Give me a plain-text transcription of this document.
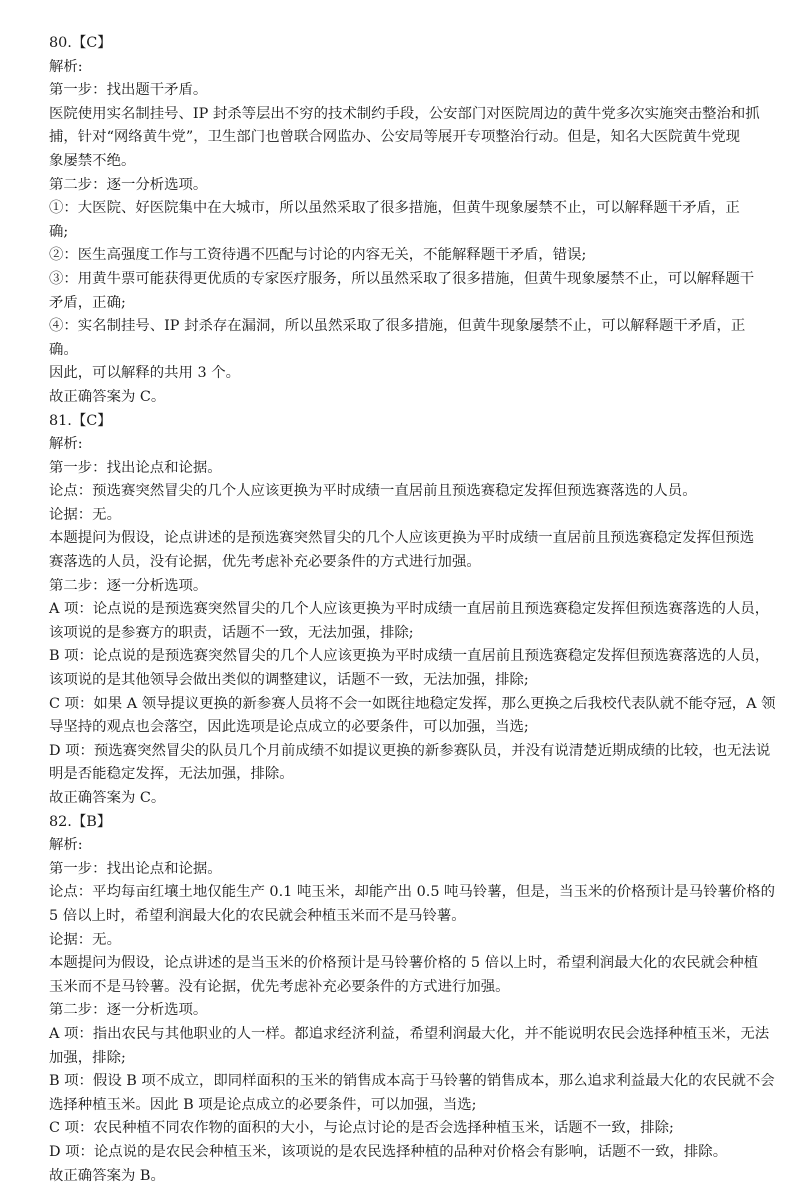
80.【C】
解析:
第一步：找出题干矛盾。
医院使用实名制挂号、IP 封杀等层出不穷的技术制约手段，公安部门对医院周边的黄牛党多次实施突击整治和抓
捕，针对“网络黄牛党”，卫生部门也曾联合网监办、公安局等展开专项整治行动。但是，知名大医院黄牛党现
象屡禁不绝。
第二步：逐一分析选项。
①：大医院、好医院集中在大城市，所以虽然采取了很多措施，但黄牛现象屡禁不止，可以解释题干矛盾，正
确;
②：医生高强度工作与工资待遇不匹配与讨论的内容无关，不能解释题干矛盾，错误;
③：用黄牛票可能获得更优质的专家医疗服务，所以虽然采取了很多措施，但黄牛现象屡禁不止，可以解释题干
矛盾，正确;
④：实名制挂号、IP 封杀存在漏洞，所以虽然采取了很多措施，但黄牛现象屡禁不止，可以解释题干矛盾，正
确。
因此，可以解释的共用 3 个。
故正确答案为 C。
81.【C】
解析:
第一步：找出论点和论据。
论点：预选赛突然冒尖的几个人应该更换为平时成绩一直居前且预选赛稳定发挥但预选赛落选的人员。
论据：无。
本题提问为假设，论点讲述的是预选赛突然冒尖的几个人应该更换为平时成绩一直居前且预选赛稳定发挥但预选
赛落选的人员，没有论据，优先考虑补充必要条件的方式进行加强。
第二步：逐一分析选项。
A 项：论点说的是预选赛突然冒尖的几个人应该更换为平时成绩一直居前且预选赛稳定发挥但预选赛落选的人员，
该项说的是参赛方的职责，话题不一致，无法加强，排除;
B 项：论点说的是预选赛突然冒尖的几个人应该更换为平时成绩一直居前且预选赛稳定发挥但预选赛落选的人员，
该项说的是其他领导会做出类似的调整建议，话题不一致，无法加强，排除;
C 项：如果 A 领导提议更换的新参赛人员将不会一如既往地稳定发挥，那么更换之后我校代表队就不能夺冠，A 领
导坚持的观点也会落空，因此选项是论点成立的必要条件，可以加强，当选;
D 项：预选赛突然冒尖的队员几个月前成绩不如提议更换的新参赛队员，并没有说清楚近期成绩的比较，也无法说
明是否能稳定发挥，无法加强，排除。
故正确答案为 C。
82.【B】
解析:
第一步：找出论点和论据。
论点：平均每亩红壤土地仅能生产 0.1 吨玉米，却能产出 0.5 吨马铃薯，但是，当玉米的价格预计是马铃薯价格的
5 倍以上时，希望利润最大化的农民就会种植玉米而不是马铃薯。
论据：无。
本题提问为假设，论点讲述的是当玉米的价格预计是马铃薯价格的 5 倍以上时，希望利润最大化的农民就会种植
玉米而不是马铃薯。没有论据，优先考虑补充必要条件的方式进行加强。
第二步：逐一分析选项。
A 项：指出农民与其他职业的人一样。都追求经济利益，希望利润最大化，并不能说明农民会选择种植玉米，无法
加强，排除;
B 项：假设 B 项不成立，即同样面积的玉米的销售成本高于马铃薯的销售成本，那么追求利益最大化的农民就不会
选择种植玉米。因此 B 项是论点成立的必要条件，可以加强，当选;
C 项：农民种植不同农作物的面积的大小，与论点讨论的是否会选择种植玉米，话题不一致，排除;
D 项：论点说的是农民会种植玉米，该项说的是农民选择种植的品种对价格会有影响，话题不一致，排除。
故正确答案为 B。
